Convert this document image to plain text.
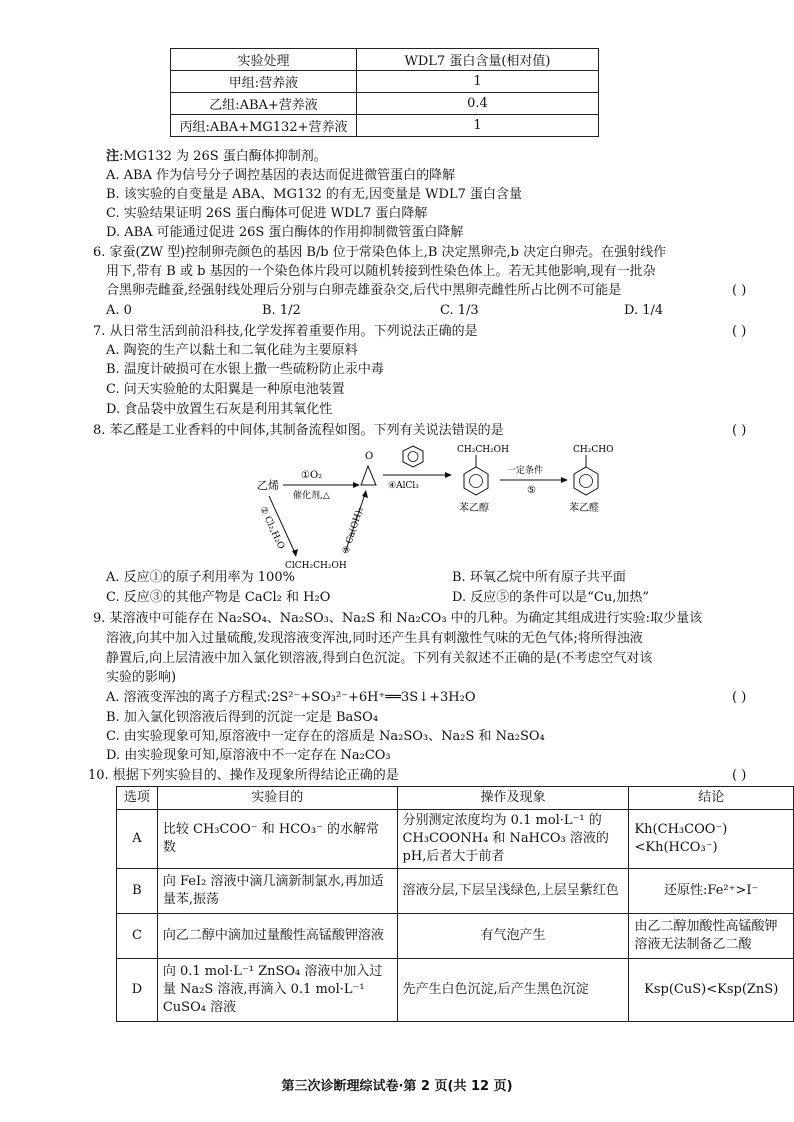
实验处理	WDL7 蛋白含量(相对值)
甲组:营养液	1
乙组:ABA+营养液	0.4
丙组:ABA+MG132+营养液	1
注:MG132 为 26S 蛋白酶体抑制剂。
A. ABA 作为信号分子调控基因的表达而促进微管蛋白的降解
B. 该实验的自变量是 ABA、MG132 的有无,因变量是 WDL7 蛋白含量
C. 实验结果证明 26S 蛋白酶体可促进 WDL7 蛋白降解
D. ABA 可能通过促进 26S 蛋白酶体的作用抑制微管蛋白降解
6. 家蚕(ZW 型)控制卵壳颜色的基因 B/b 位于常染色体上,B 决定黑卵壳,b 决定白卵壳。在强射线作
用下,带有 B 或 b 基因的一个染色体片段可以随机转接到性染色体上。若无其他影响,现有一批杂
合黑卵壳雌蚕,经强射线处理后分别与白卵壳雄蚕杂交,后代中黑卵壳雌性所占比例不可能是	( )
A. 0	B. 1/2	C. 1/3	D. 1/4
7. 从日常生活到前沿科技,化学发挥着重要作用。下列说法正确的是	( )
A. 陶瓷的生产以黏土和二氧化硅为主要原料
B. 温度计破损可在水银上撒一些硫粉防止汞中毒
C. 问天实验舱的太阳翼是一种原电池装置
D. 食品袋中放置生石灰是利用其氧化性
8. 苯乙醛是工业香料的中间体,其制备流程如图。下列有关说法错误的是	( )
乙烯
①O₂
催化剂,△
O
④AlCl₃
CH₂CH₂OH
苯乙醇
一定条件
⑤
CH₂CHO
苯乙醛
② Cl₂,H₂O	③ Ca(OH)₂
ClCH₂CH₂OH
A. 反应①的原子利用率为 100%	B. 环氧乙烷中所有原子共平面
C. 反应③的其他产物是 CaCl₂ 和 H₂O	D. 反应⑤的条件可以是“Cu,加热”
9. 某溶液中可能存在 Na₂SO₄、Na₂SO₃、Na₂S 和 Na₂CO₃ 中的几种。为确定其组成进行实验:取少量该
溶液,向其中加入过量硫酸,发现溶液变浑浊,同时还产生具有刺激性气味的无色气体;将所得浊液
静置后,向上层清液中加入氯化钡溶液,得到白色沉淀。下列有关叙述不正确的是(不考虑空气对该
实验的影响)
( )
A. 溶液变浑浊的离子方程式:2S²⁻+SO₃²⁻+6H⁺══3S↓+3H₂O
B. 加入氯化钡溶液后得到的沉淀一定是 BaSO₄
C. 由实验现象可知,原溶液中一定存在的溶质是 Na₂SO₃、Na₂S 和 Na₂SO₄
D. 由实验现象可知,原溶液中不一定存在 Na₂CO₃
10. 根据下列实验目的、操作及现象所得结论正确的是	( )
选项	实验目的	操作及现象	结论
A	比较 CH₃COO⁻ 和 HCO₃⁻ 的水解常数	分别测定浓度均为 0.1 mol·L⁻¹ 的 CH₃COONH₄ 和 NaHCO₃ 溶液的 pH,后者大于前者	Kh(CH₃COO⁻)<Kh(HCO₃⁻)
B	向 FeI₂ 溶液中滴几滴新制氯水,再加适量苯,振荡	溶液分层,下层呈浅绿色,上层呈紫红色	还原性:Fe²⁺>I⁻
C	向乙二醇中滴加过量酸性高锰酸钾溶液	有气泡产生	由乙二醇加酸性高锰酸钾溶液无法制备乙二酸
D	向 0.1 mol·L⁻¹ ZnSO₄ 溶液中加入过量 Na₂S 溶液,再滴入 0.1 mol·L⁻¹ CuSO₄ 溶液	先产生白色沉淀,后产生黑色沉淀	Ksp(CuS)<Ksp(ZnS)
第三次诊断理综试卷·第 2 页(共 12 页)
